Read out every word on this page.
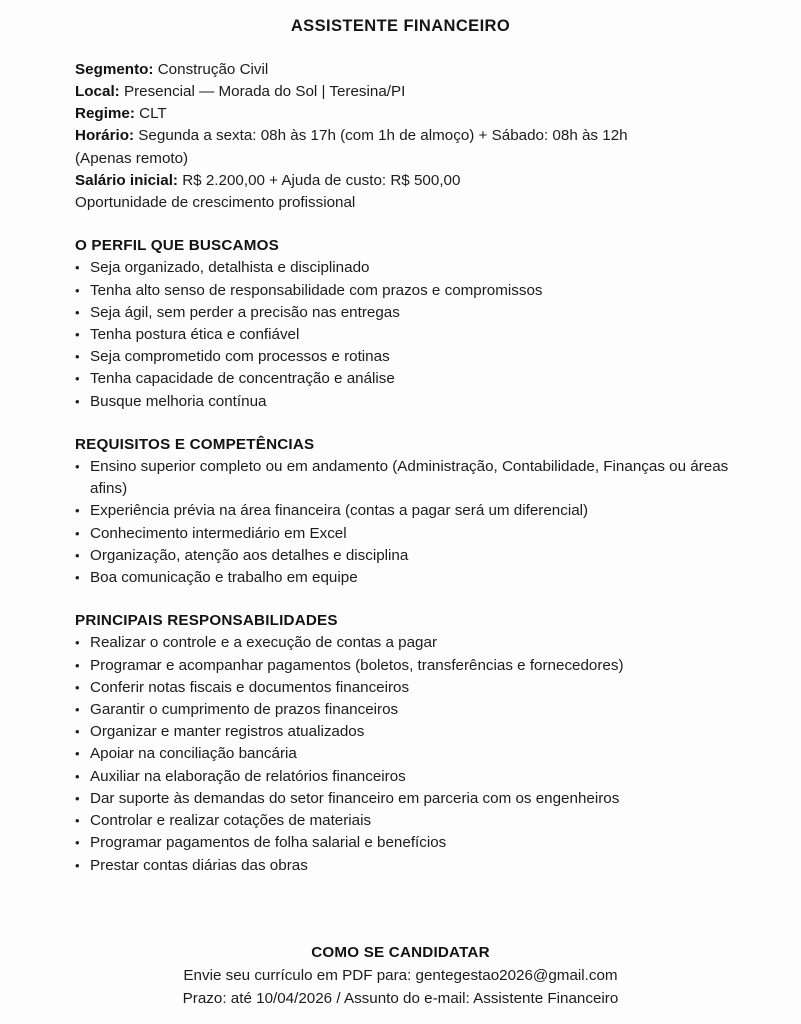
ASSISTENTE FINANCEIRO
Segmento: Construção Civil
Local: Presencial — Morada do Sol | Teresina/PI
Regime: CLT
Horário: Segunda a sexta: 08h às 17h (com 1h de almoço) + Sábado: 08h às 12h
(Apenas remoto)
Salário inicial: R$ 2.200,00 + Ajuda de custo: R$ 500,00
Oportunidade de crescimento profissional
O PERFIL QUE BUSCAMOS
• Seja organizado, detalhista e disciplinado
• Tenha alto senso de responsabilidade com prazos e compromissos
• Seja ágil, sem perder a precisão nas entregas
• Tenha postura ética e confiável
• Seja comprometido com processos e rotinas
• Tenha capacidade de concentração e análise
• Busque melhoria contínua
REQUISITOS E COMPETÊNCIAS
• Ensino superior completo ou em andamento (Administração, Contabilidade, Finanças ou áreas afins)
• Experiência prévia na área financeira (contas a pagar será um diferencial)
• Conhecimento intermediário em Excel
• Organização, atenção aos detalhes e disciplina
• Boa comunicação e trabalho em equipe
PRINCIPAIS RESPONSABILIDADES
• Realizar o controle e a execução de contas a pagar
• Programar e acompanhar pagamentos (boletos, transferências e fornecedores)
• Conferir notas fiscais e documentos financeiros
• Garantir o cumprimento de prazos financeiros
• Organizar e manter registros atualizados
• Apoiar na conciliação bancária
• Auxiliar na elaboração de relatórios financeiros
• Dar suporte às demandas do setor financeiro em parceria com os engenheiros
• Controlar e realizar cotações de materiais
• Programar pagamentos de folha salarial e benefícios
• Prestar contas diárias das obras
COMO SE CANDIDATAR
Envie seu currículo em PDF para: gentegestao2026@gmail.com
Prazo: até 10/04/2026 / Assunto do e-mail: Assistente Financeiro
